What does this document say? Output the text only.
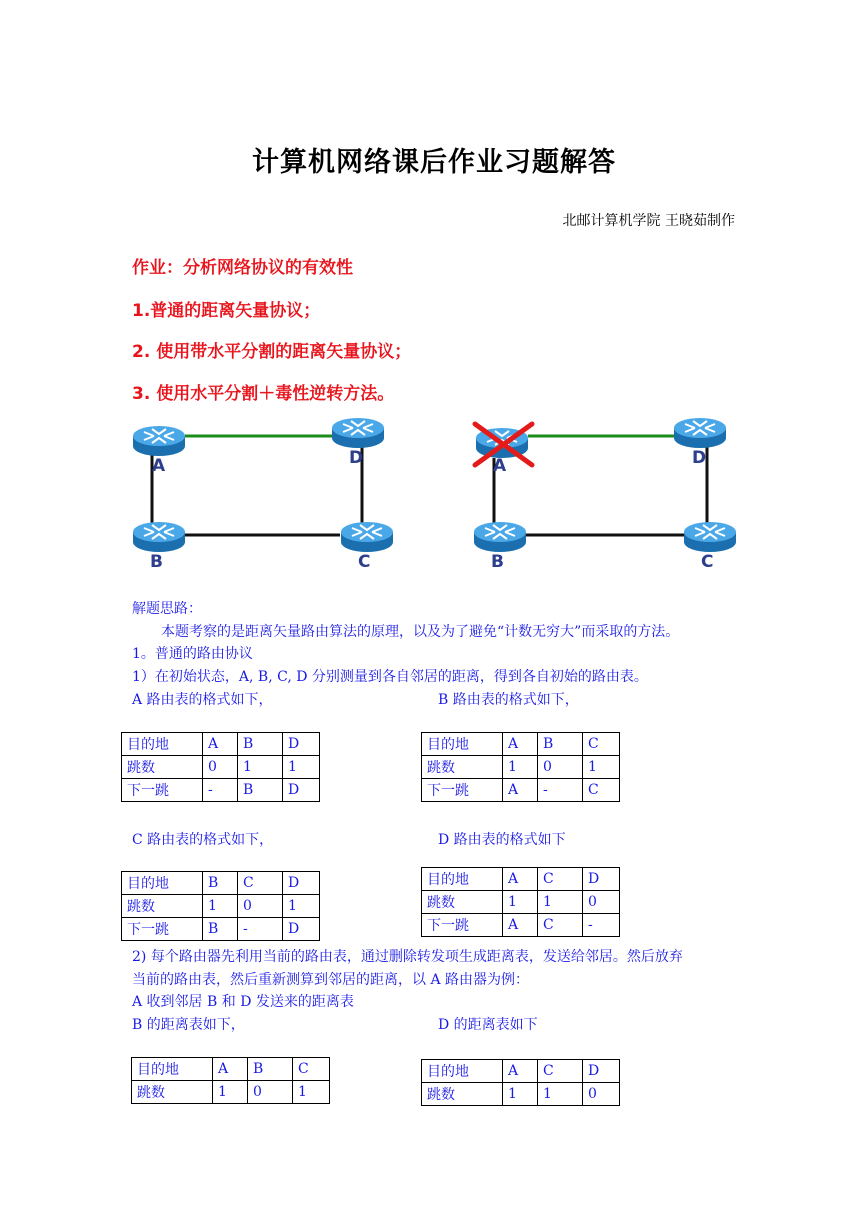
计算机网络课后作业习题解答
北邮计算机学院 王晓茹制作
作业：分析网络协议的有效性
1.普通的距离矢量协议；
2. 使用带水平分割的距离矢量协议；
3. 使用水平分割＋毒性逆转方法。
A	D
B	C
A	D
B	C
解题思路：
本题考察的是距离矢量路由算法的原理，以及为了避免“计数无穷大”而采取的方法。
1。普通的路由协议
1）在初始状态，A, B, C, D 分别测量到各自邻居的距离，得到各自初始的路由表。
A 路由表的格式如下，	B 路由表的格式如下，
目的地	A	B	D
跳数	0	1	1
下一跳	-	B	D
目的地	A	B	C
跳数	1	0	1
下一跳	A	-	C
C 路由表的格式如下，	D 路由表的格式如下
目的地	B	C	D
跳数	1	0	1
下一跳	B	-	D
目的地	A	C	D
跳数	1	1	0
下一跳	A	C	-
2) 每个路由器先利用当前的路由表，通过删除转发项生成距离表，发送给邻居。然后放弃
当前的路由表，然后重新测算到邻居的距离，以 A 路由器为例：
A 收到邻居 B 和 D 发送来的距离表
B 的距离表如下，	D 的距离表如下
目的地	A	B	C
跳数	1	0	1
目的地	A	C	D
跳数	1	1	0
